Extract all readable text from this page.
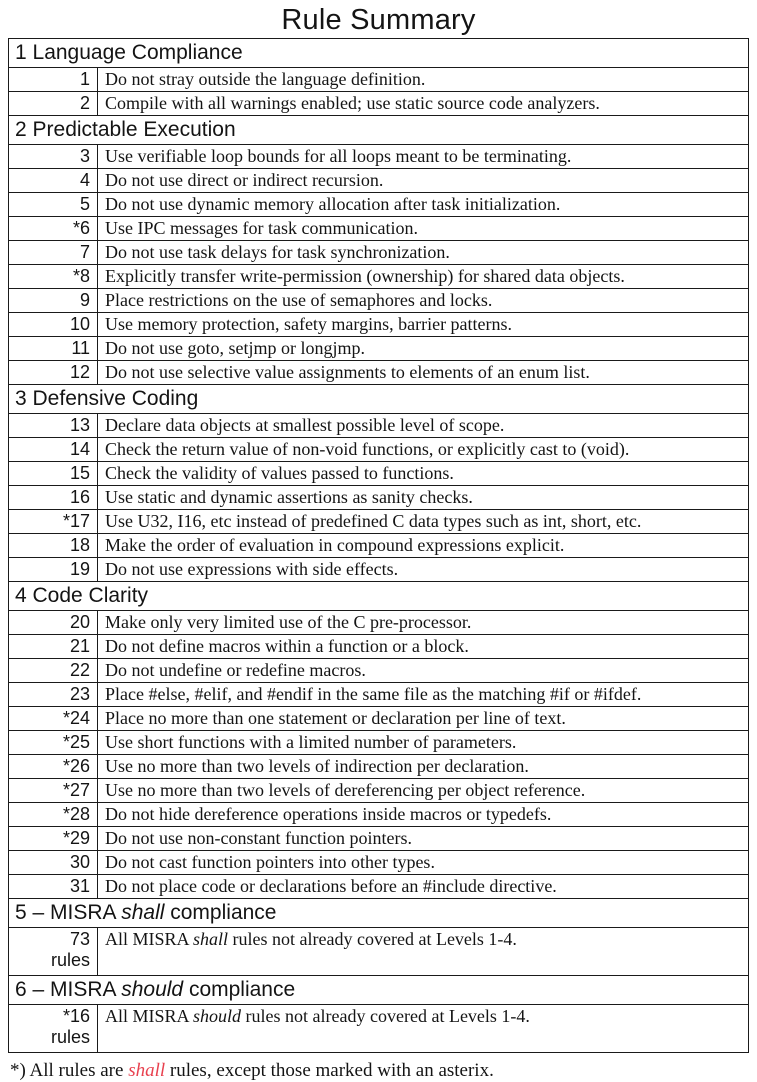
Rule Summary
1 Language Compliance	
1	Do not stray outside the language definition.
2	Compile with all warnings enabled; use static source code analyzers.
2 Predictable Execution	
3	Use verifiable loop bounds for all loops meant to be terminating.
4	Do not use direct or indirect recursion.
5	Do not use dynamic memory allocation after task initialization.
*6	Use IPC messages for task communication.
7	Do not use task delays for task synchronization.
*8	Explicitly transfer write-permission (ownership) for shared data objects.
9	Place restrictions on the use of semaphores and locks.
10	Use memory protection, safety margins, barrier patterns.
11	Do not use goto, setjmp or longjmp.
12	Do not use selective value assignments to elements of an enum list.
3 Defensive Coding	
13	Declare data objects at smallest possible level of scope.
14	Check the return value of non-void functions, or explicitly cast to (void).
15	Check the validity of values passed to functions.
16	Use static and dynamic assertions as sanity checks.
*17	Use U32, I16, etc instead of predefined C data types such as int, short, etc.
18	Make the order of evaluation in compound expressions explicit.
19	Do not use expressions with side effects.
4 Code Clarity	
20	Make only very limited use of the C pre-processor.
21	Do not define macros within a function or a block.
22	Do not undefine or redefine macros.
23	Place #else, #elif, and #endif in the same file as the matching #if or #ifdef.
*24	Place no more than one statement or declaration per line of text.
*25	Use short functions with a limited number of parameters.
*26	Use no more than two levels of indirection per declaration.
*27	Use no more than two levels of dereferencing per object reference.
*28	Do not hide dereference operations inside macros or typedefs.
*29	Do not use non-constant function pointers.
30	Do not cast function pointers into other types.
31	Do not place code or declarations before an #include directive.
5 – MISRA shall compliance	
73
rules	All MISRA shall rules not already covered at Levels 1-4.
6 – MISRA should compliance	
*16
rules	All MISRA should rules not already covered at Levels 1-4.
*) All rules are shall rules, except those marked with an asterix.
